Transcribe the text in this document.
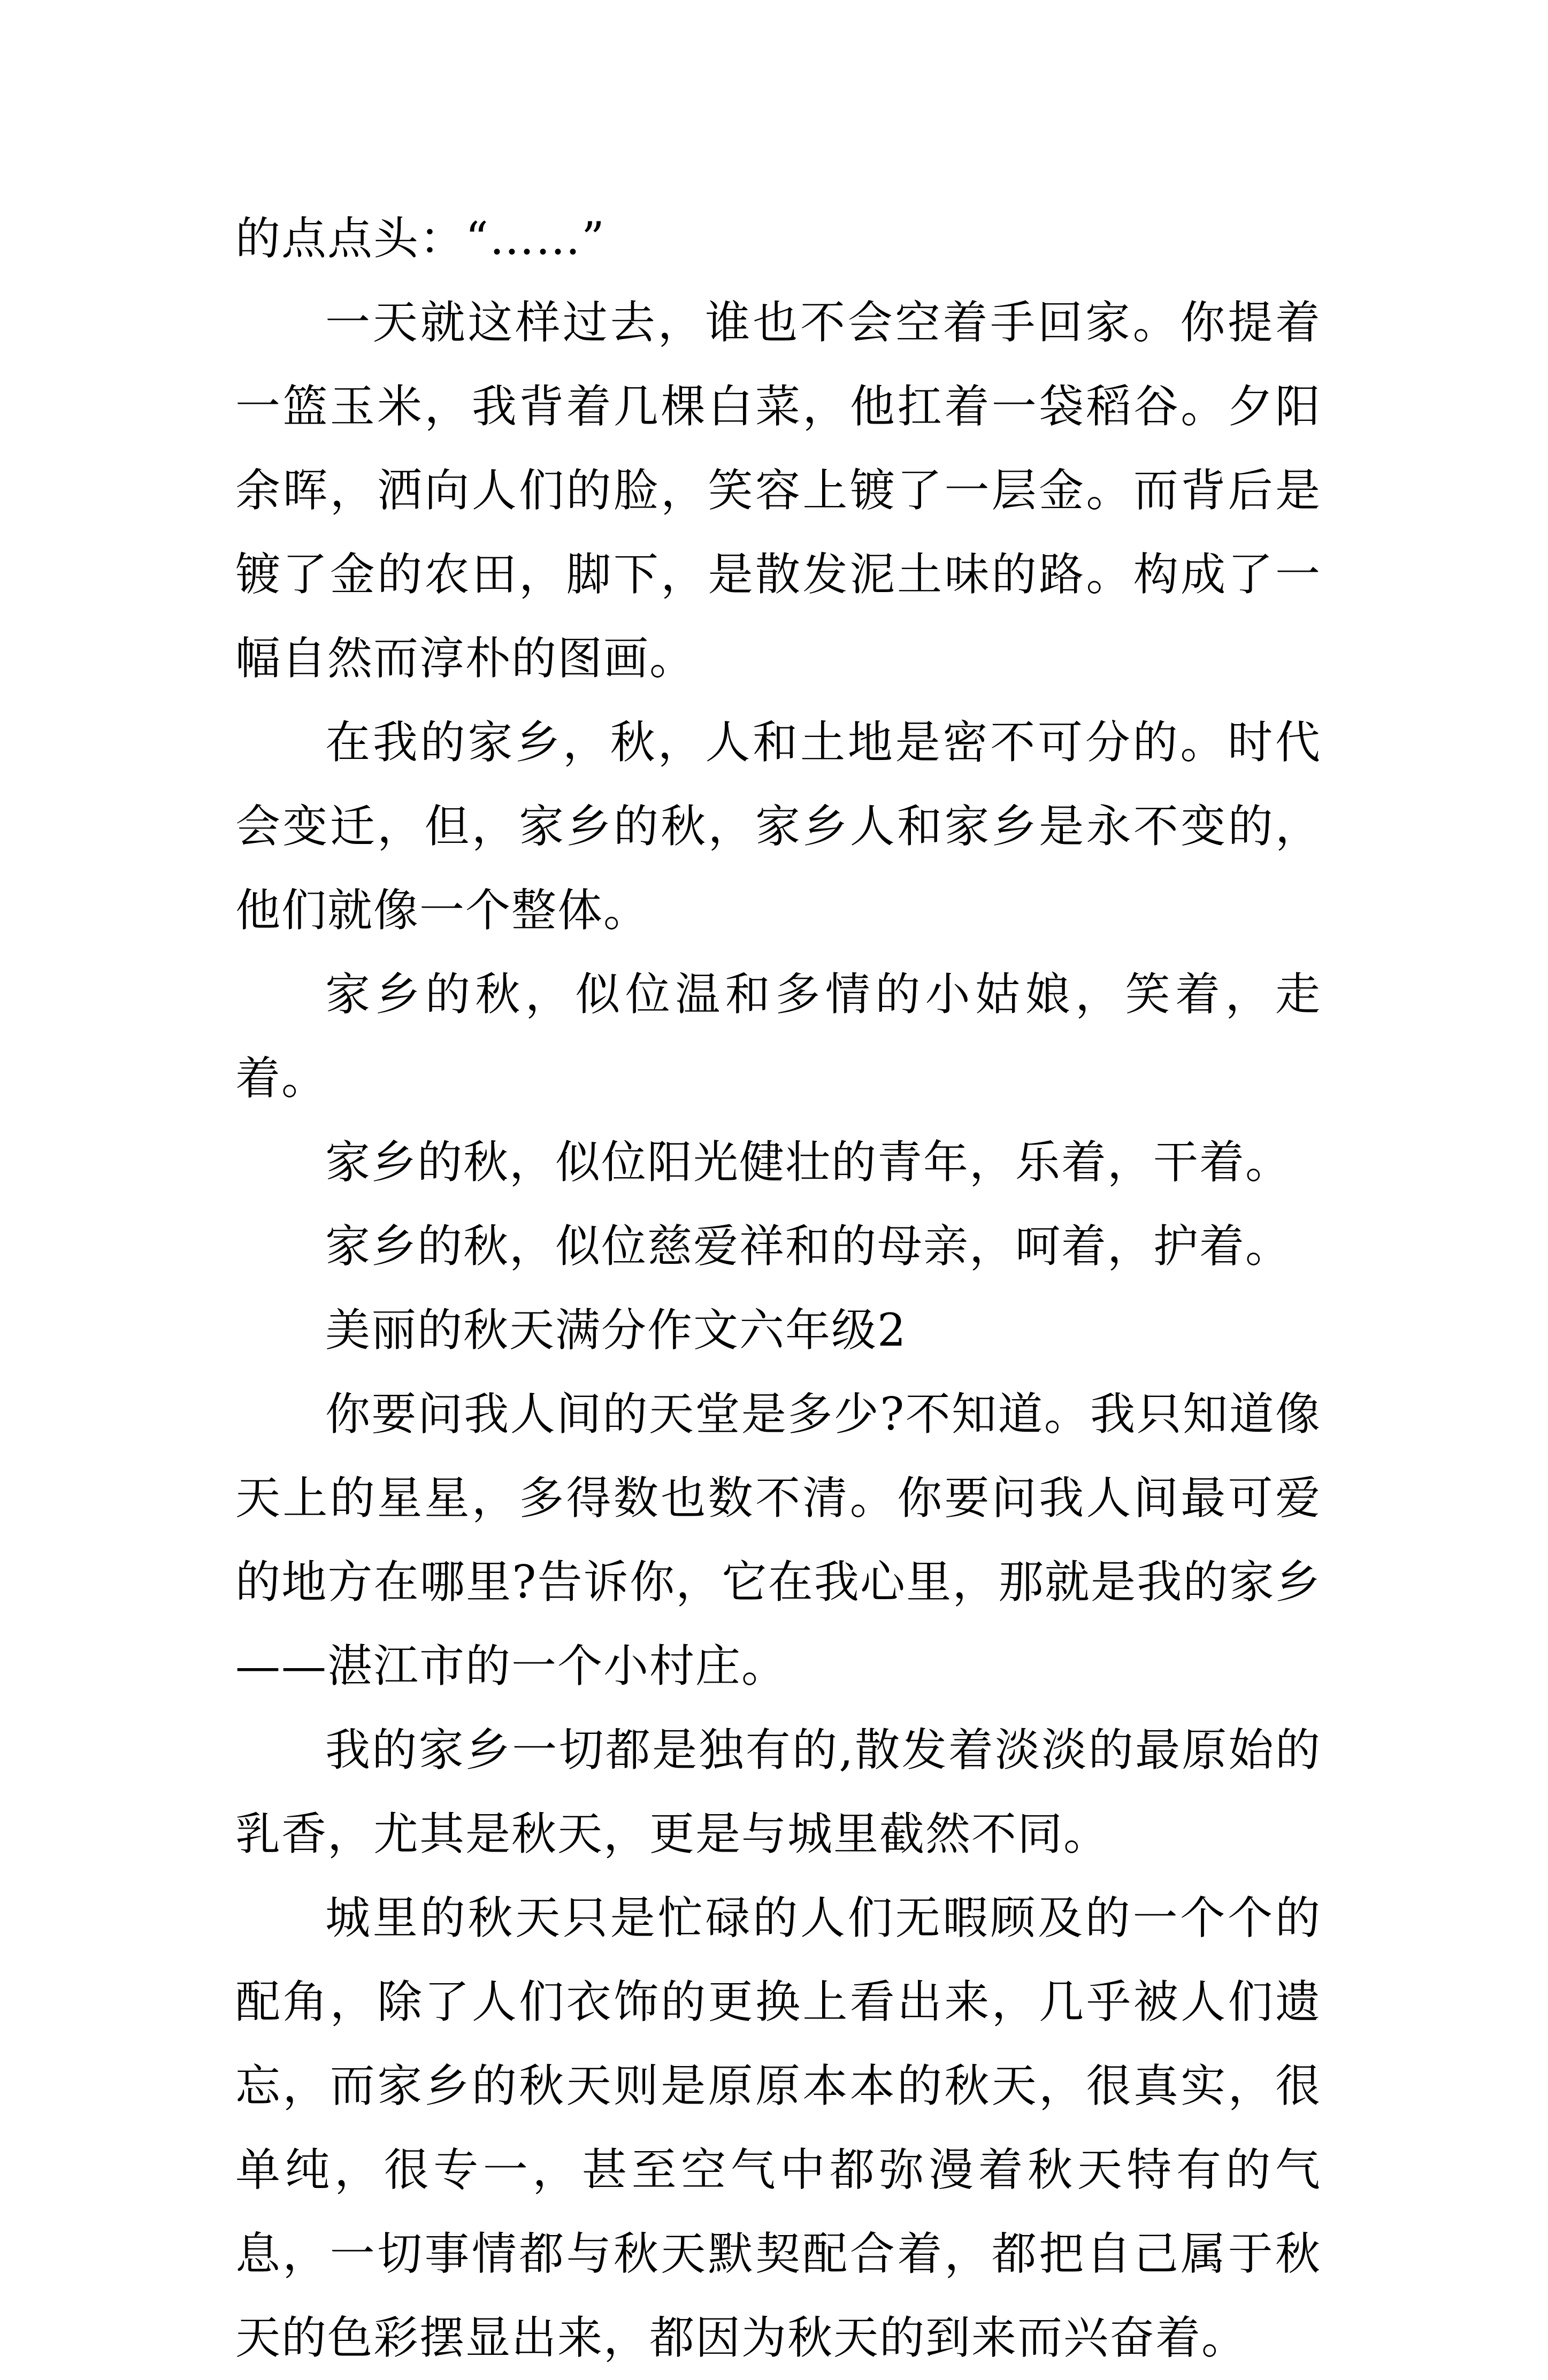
的点点头：“……”

一天就这样过去，谁也不会空着手回家。你提着一篮玉米，我背着几棵白菜，他扛着一袋稻谷。夕阳余晖，洒向人们的脸，笑容上镀了一层金。而背后是镀了金的农田，脚下，是散发泥土味的路。构成了一幅自然而淳朴的图画。

在我的家乡，秋，人和土地是密不可分的。时代会变迁，但，家乡的秋，家乡人和家乡是永不变的，他们就像一个整体。

家乡的秋，似位温和多情的小姑娘，笑着，走着。

家乡的秋，似位阳光健壮的青年，乐着，干着。

家乡的秋，似位慈爱祥和的母亲，呵着，护着。

美丽的秋天满分作文六年级2

你要问我人间的天堂是多少?不知道。我只知道像天上的星星，多得数也数不清。你要问我人间最可爱的地方在哪里?告诉你，它在我心里，那就是我的家乡——湛江市的一个小村庄。

我的家乡一切都是独有的,散发着淡淡的最原始的乳香，尤其是秋天，更是与城里截然不同。

城里的秋天只是忙碌的人们无暇顾及的一个个的配角，除了人们衣饰的更换上看出来，几乎被人们遗忘，而家乡的秋天则是原原本本的秋天，很真实，很单纯，很专一，甚至空气中都弥漫着秋天特有的气息，一切事情都与秋天默契配合着，都把自己属于秋天的色彩摆显出来，都因为秋天的到来而兴奋着。
